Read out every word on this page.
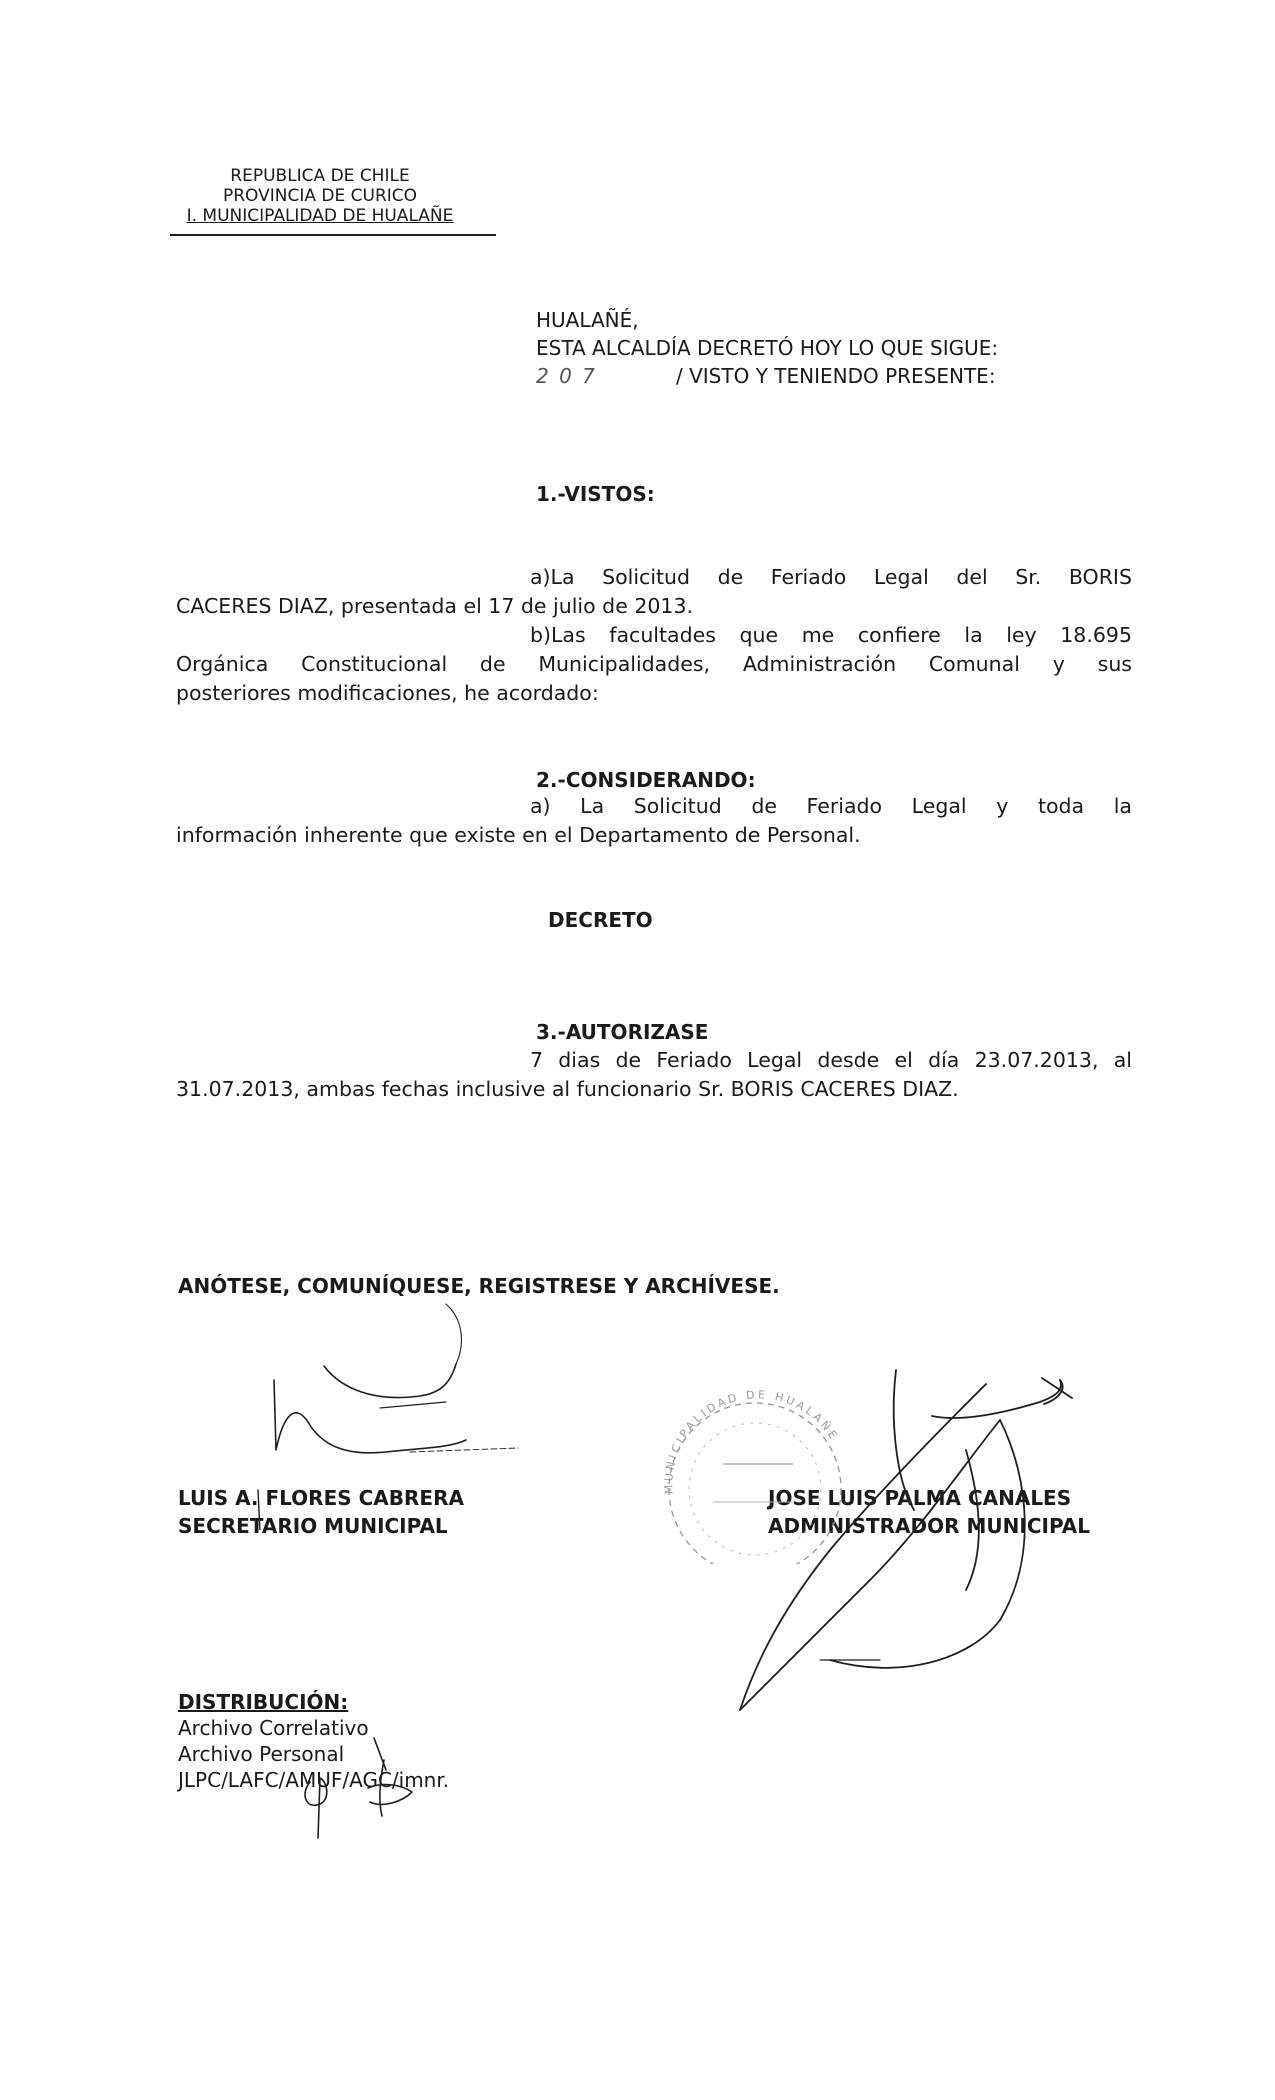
REPUBLICA DE CHILE
PROVINCIA DE CURICO
I. MUNICIPALIDAD DE HUALAÑE
HUALAÑÉ,
ESTA ALCALDÍA DECRETÓ HOY LO QUE SIGUE:
2 0 7	/ VISTO Y TENIENDO PRESENTE:
1.-VISTOS:
a)La Solicitud de Feriado Legal del Sr. BORIS
CACERES DIAZ, presentada el 17 de julio de 2013.
b)Las facultades que me confiere la ley 18.695
Orgánica Constitucional de Municipalidades, Administración Comunal y sus
posteriores modificaciones, he acordado:
2.-CONSIDERANDO:
a) La Solicitud de Feriado Legal y toda la
información inherente que existe en el Departamento de Personal.
DECRETO
3.-AUTORIZASE
7 dias de Feriado Legal desde el día 23.07.2013, al
31.07.2013, ambas fechas inclusive al funcionario Sr. BORIS CACERES DIAZ.
ANÓTESE, COMUNÍQUESE, REGISTRESE Y ARCHÍVESE.
LUIS A. FLORES CABRERA
SECRETARIO MUNICIPAL
JOSE LUIS PALMA CANALES
ADMINISTRADOR MUNICIPAL
MUNICIPALIDAD DE HUALAÑE
DISTRIBUCIÓN:
Archivo Correlativo
Archivo Personal
JLPC/LAFC/AMUF/AGC/imnr.
